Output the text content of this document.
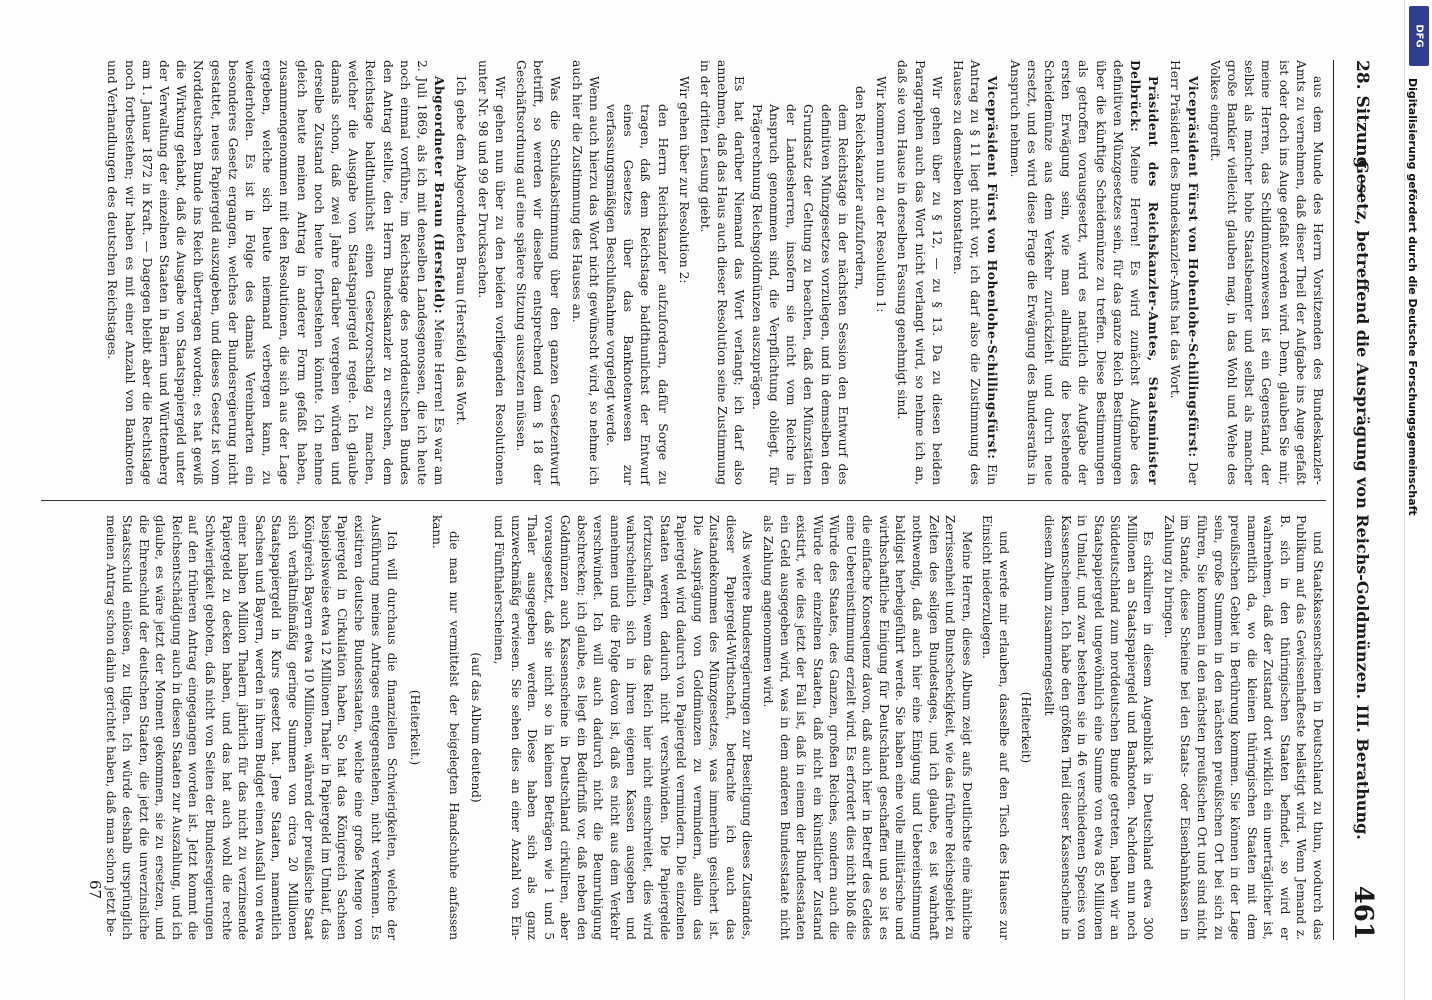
28. Sitzung. —
Gesetz, betreffend die Ausprägung von Reichs-Goldmünzen. III. Berathung.
461

aus dem Munde des Herrn Vorsitzenden des Bundeskanzler-Amts zu vernehmen, daß dieser Theil der Aufgabe ins Auge gefaßt ist oder doch ins Auge gefaßt werden wird. Denn, glauben Sie mir, meine Herren, das Schildmünzenwesen ist ein Gegenstand, der selbst als mancher hohe Staatsbeamter und selbst als mancher große Bankier vielleicht glauben mag, in das Wohl und Wehe des Volkes eingreift.

Vicepräsident Fürst von Hohenlohe-Schillingsfürst: Der Herr Präsident des Bundeskanzler-Amts hat das Wort.

Präsident des Reichskanzler-Amtes, Staatsminister Delbrück: Meine Herren! Es wird zunächst Aufgabe des definitiven Münzgesetzes sein, für das ganze Reich Bestimmungen über die künftige Scheidemünze zu treffen. Diese Bestimmungen als getroffen vorausgesetzt, wird es natürlich die Aufgabe der ersten Erwägung sein, wie man allmählig die bestehende Scheidemünze aus dem Verkehr zurückzieht und durch neue ersetzt, und es wird diese Frage die Erwägung des Bundesraths in Anspruch nehmen.

Vicepräsident Fürst von Hohenlohe-Schillingsfürst: Ein Antrag zu § 11 liegt nicht vor, ich darf also die Zustimmung des Hauses zu demselben konstatiren.

Wir gehen über zu § 12, — zu § 13. Da zu diesen beiden Paragraphen auch das Wort nicht verlangt wird, so nehme ich an, daß sie vom Hause in derselben Fassung genehmigt sind.

Wir kommen nun zu der Resolution 1:

den Reichskanzler aufzufordern,

dem Reichstage in der nächsten Session den Entwurf des definitiven Münzgesetzes vorzulegen, und in demselben den Grundsatz der Geltung zu beachten, daß den Münzstätten der Landesherren, insofern sie nicht vom Reiche in Anspruch genommen sind, die Verpflichtung obliegt, für Prägerechnung Reichsgoldmünzen auszuprägen.

Es hat darüber Niemand das Wort verlangt; ich darf also annehmen, daß das Haus auch dieser Resolution seine Zustimmung in der dritten Lesung giebt.

Wir gehen über zur Resolution 2:

den Herrn Reichskanzler aufzufordern, dafür Sorge zu tragen, daß dem Reichstage baldthunlichst der Entwurf eines Gesetzes über das Banknotenwesen zur verfassungsmäßigen Beschlußnahme vorgelegt werde.

Wenn auch hierzu das Wort nicht gewünscht wird, so nehme ich auch hier die Zustimmung des Hauses an.

Was die Schlußabstimmung über den ganzen Gesetzentwurf betrifft, so werden wir dieselbe entsprechend dem § 18 der Geschäftsordnung auf eine spätere Sitzung aussetzen müssen.

Wir gehen nun über zu den beiden vorliegenden Resolutionen unter Nr. 98 und 99 der Drucksachen.

Ich gebe dem Abgeordneten Braun (Hersfeld) das Wort.

Abgeordneter Braun (Hersfeld): Meine Herren! Es war am 2. Juli 1869, als ich mit denselben Landesgenossen, die ich heute noch einmal vorführe, im Reichstage des norddeutschen Bundes den Antrag stellte, den Herrn Bundeskanzler zu ersuchen, dem Reichstage baldthunlichst einen Gesetzvorschlag zu machen, welcher die Ausgabe von Staatspapiergeld regele. Ich glaube damals schon, daß zwei Jahre darüber vergehen würden und derselbe Zustand noch heute fortbestehen könnte. Ich nehme gleich heute meinen Antrag in anderer Form gefaßt haben, zusammengenommen mit den Resolutionen, die sich aus der Lage ergeben, welche sich heute niemand verbergen kann, zu wiederholen. Es ist in Folge des damals Vereinbarten ein besonderes Gesetz ergangen, welches der Bundesregierung nicht gestattet, neues Papiergeld auszugeben, und dieses Gesetz ist vom Norddeutschen Bunde ins Reich übertragen worden; es hat gewiß die Wirkung gehabt, daß die Ausgabe von Staatspapiergeld unter der Verwaltung der einzelnen Staaten in Baiern und Württemberg am 1. Januar 1872 in Kraft. — Dagegen bleibt aber die Rechtslage noch fortbestehen; wir haben es mit einer Anzahl von Banknoten und Verhandlungen des deutschen Reichstages.

und Staatskassenscheinen in Deutschland zu thun, wodurch das Publikum auf das Gewissenhafteste belästigt wird. Wenn Jemand z. B. sich in den thüringischen Staaten befindet, so wird er wahrnehmen, daß der Zustand dort wirklich ein unerträglicher ist, namentlich da, wo die kleinen thüringischen Staaten mit dem preußischen Gebiet in Berührung kommen. Sie können in der Lage sein, große Summen in den nächsten preußischen Ort bei sich zu führen, Sie kommen in den nächsten preußischen Ort und sind nicht im Stande, diese Scheine bei den Staats- oder Eisenbahnkassen in Zahlung zu bringen.

Es cirkuliren in diesem Augenblick in Deutschland etwa 300 Millionen an Staatspapiergeld und Banknoten. Nachdem nun noch Süddeutschland zum norddeutschen Bunde getreten, haben wir an Staatspapiergeld ungewöhnlich eine Summe von etwa 85 Millionen in Umlauf, und zwar bestehen sie in 46 verschiedenen Species von Kassenscheinen. Ich habe den größten Theil dieser Kassenscheine in diesem Album zusammengestellt

(Heiterkeit)

und werde mir erlauben, dasselbe auf den Tisch des Hauses zur Einsicht niederzulegen.

Meine Herren, dieses Album zeigt aufs Deutlichste eine ähnliche Zerrissenheit und Buntscheckigkeit, wie das frühere Reichsgebiet zu Zeiten des seligen Bundestages, und ich glaube, es ist wahrhaft nothwendig, daß auch hier eine Einigung und Uebereinstimmung baldigst herbeigeführt werde. Sie haben eine volle militärische und wirthschaftliche Einigung für Deutschland geschaffen und so ist es die einfache Konsequenz davon, daß auch hier in Betreff des Geldes eine Uebereinstimmung erzielt wird. Es erfordert dies nicht bloß die Würde des Staates, des Ganzen, großen Reiches, sondern auch die Würde der einzelnen Staaten, daß nicht ein künstlicher Zustand existirt, wie dies jetzt der Fall ist, daß in einem der Bundesstaaten ein Geld ausgegeben wird, was in dem anderen Bundesstaate nicht als Zahlung angenommen wird.

Als weitere Bundesregierungen zur Beseitigung dieses Zustandes, dieser Papiergeld-Wirthschaft, betrachte ich auch das Zustandekommen des Münzgesetzes, was immerhin gesichert ist. Die Ausprägung von Goldmünzen zu vermindern, allein das Papiergeld wird dadurch von Papiergeld vermindern. Die einzelnen Staaten werden dadurch nicht verschwinden. Die Papiergelde fortzuschaffen, wenn das Reich hier nicht einschreitet, dies wird wahrscheinlich sich in ihren eigenen Kassen ausgeben und annehmen und die Folge davon ist, daß es nicht aus dem Verkehr verschwindet. Ich will auch dadurch nicht die Beunruhigung abschrecken; ich glaube, es liegt ein Bedürfniß vor, daß neben den Goldmünzen auch Kassenscheine in Deutschland cirkuliren, aber vorausgesetzt, daß sie nicht so in kleinen Beträgen wie 1 und 5 Thaler ausgegeben werden. Diese haben sich als ganz unzweckmäßig erwiesen. Sie sehen dies an einer Anzahl von Ein- und Fünfthalerscheinen,

(auf das Album deutend)

die man nur vermittelst der beigelegten Handschuhe anfassen kann.

(Heiterkeit.)

Ich will durchaus die finanziellen Schwierigkeiten, welche der Ausführung meines Antrages entgegenstehen, nicht verkennen. Es existiren deutsche Bundesstaaten, welche eine große Menge von Papiergeld in Cirkulation haben. So hat das Königreich Sachsen beispielsweise etwa 12 Millionen Thaler in Papiergeld im Umlauf, das Königreich Bayern etwa 10 Millionen, während der preußische Staat sich verhältnißmäßig geringe Summen von circa 20 Millionen Staatspapiergeld in Kurs gesetzt hat. Jene Staaten, namentlich Sachsen und Bayern, werden in ihrem Budget einen Ausfall von etwa einer halben Million Thalern jährlich für das nicht zu verzinsende Papiergeld zu decken haben, und das hat auch wohl die rechte Schwierigkeit geboten, daß nicht von Seiten der Bundesregierungen auf den früheren Antrag eingegangen worden ist. Jetzt kommt die Reichsentschädigung auch in diesen Staaten zur Auszahlung, und ich glaube, es wäre jetzt der Moment gekommen, sie zu ersetzen, und die Ehrenschuld der deutschen Staaten, die jetzt die unverzinsliche Staatsschuld einlösen, zu tilgen. Ich würde deshalb ursprünglich meinen Antrag schon dahin gerichtet haben, daß man schon jetzt be-

67
DFG
Digitalisierung gefördert durch die Deutsche Forschungsgemeinschaft
